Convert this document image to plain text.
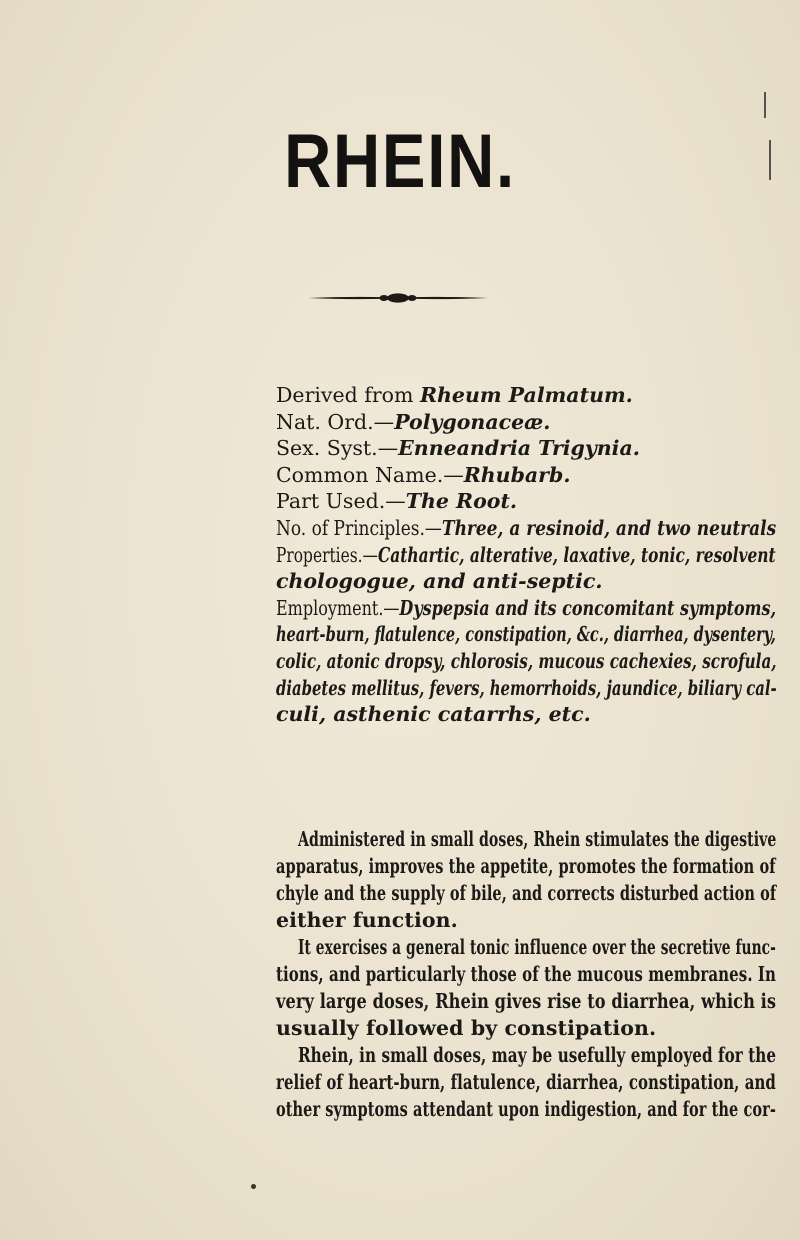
RHEIN.
Derived from Rheum Palmatum.
Nat. Ord.—Polygonaceæ.
Sex. Syst.—Enneandria Trigynia.
Common Name.—Rhubarb.
Part Used.—The Root.
No. of Principles.—Three, a resinoid, and two neutrals
Properties.—Cathartic, alterative, laxative, tonic, resolvent
chologogue, and anti-septic.
Employment.—Dyspepsia and its concomitant symptoms,
heart-burn, flatulence, constipation, &c., diarrhea, dysentery,
colic, atonic dropsy, chlorosis, mucous cachexies, scrofula,
diabetes mellitus, fevers, hemorrhoids, jaundice, biliary cal-
culi, asthenic catarrhs, etc.
Administered in small doses, Rhein stimulates the digestive
apparatus, improves the appetite, promotes the formation of
chyle and the supply of bile, and corrects disturbed action of
either function.
It exercises a general tonic influence over the secretive func-
tions, and particularly those of the mucous membranes. In
very large doses, Rhein gives rise to diarrhea, which is
usually followed by constipation.
Rhein, in small doses, may be usefully employed for the
relief of heart-burn, flatulence, diarrhea, constipation, and
other symptoms attendant upon indigestion, and for the cor-
